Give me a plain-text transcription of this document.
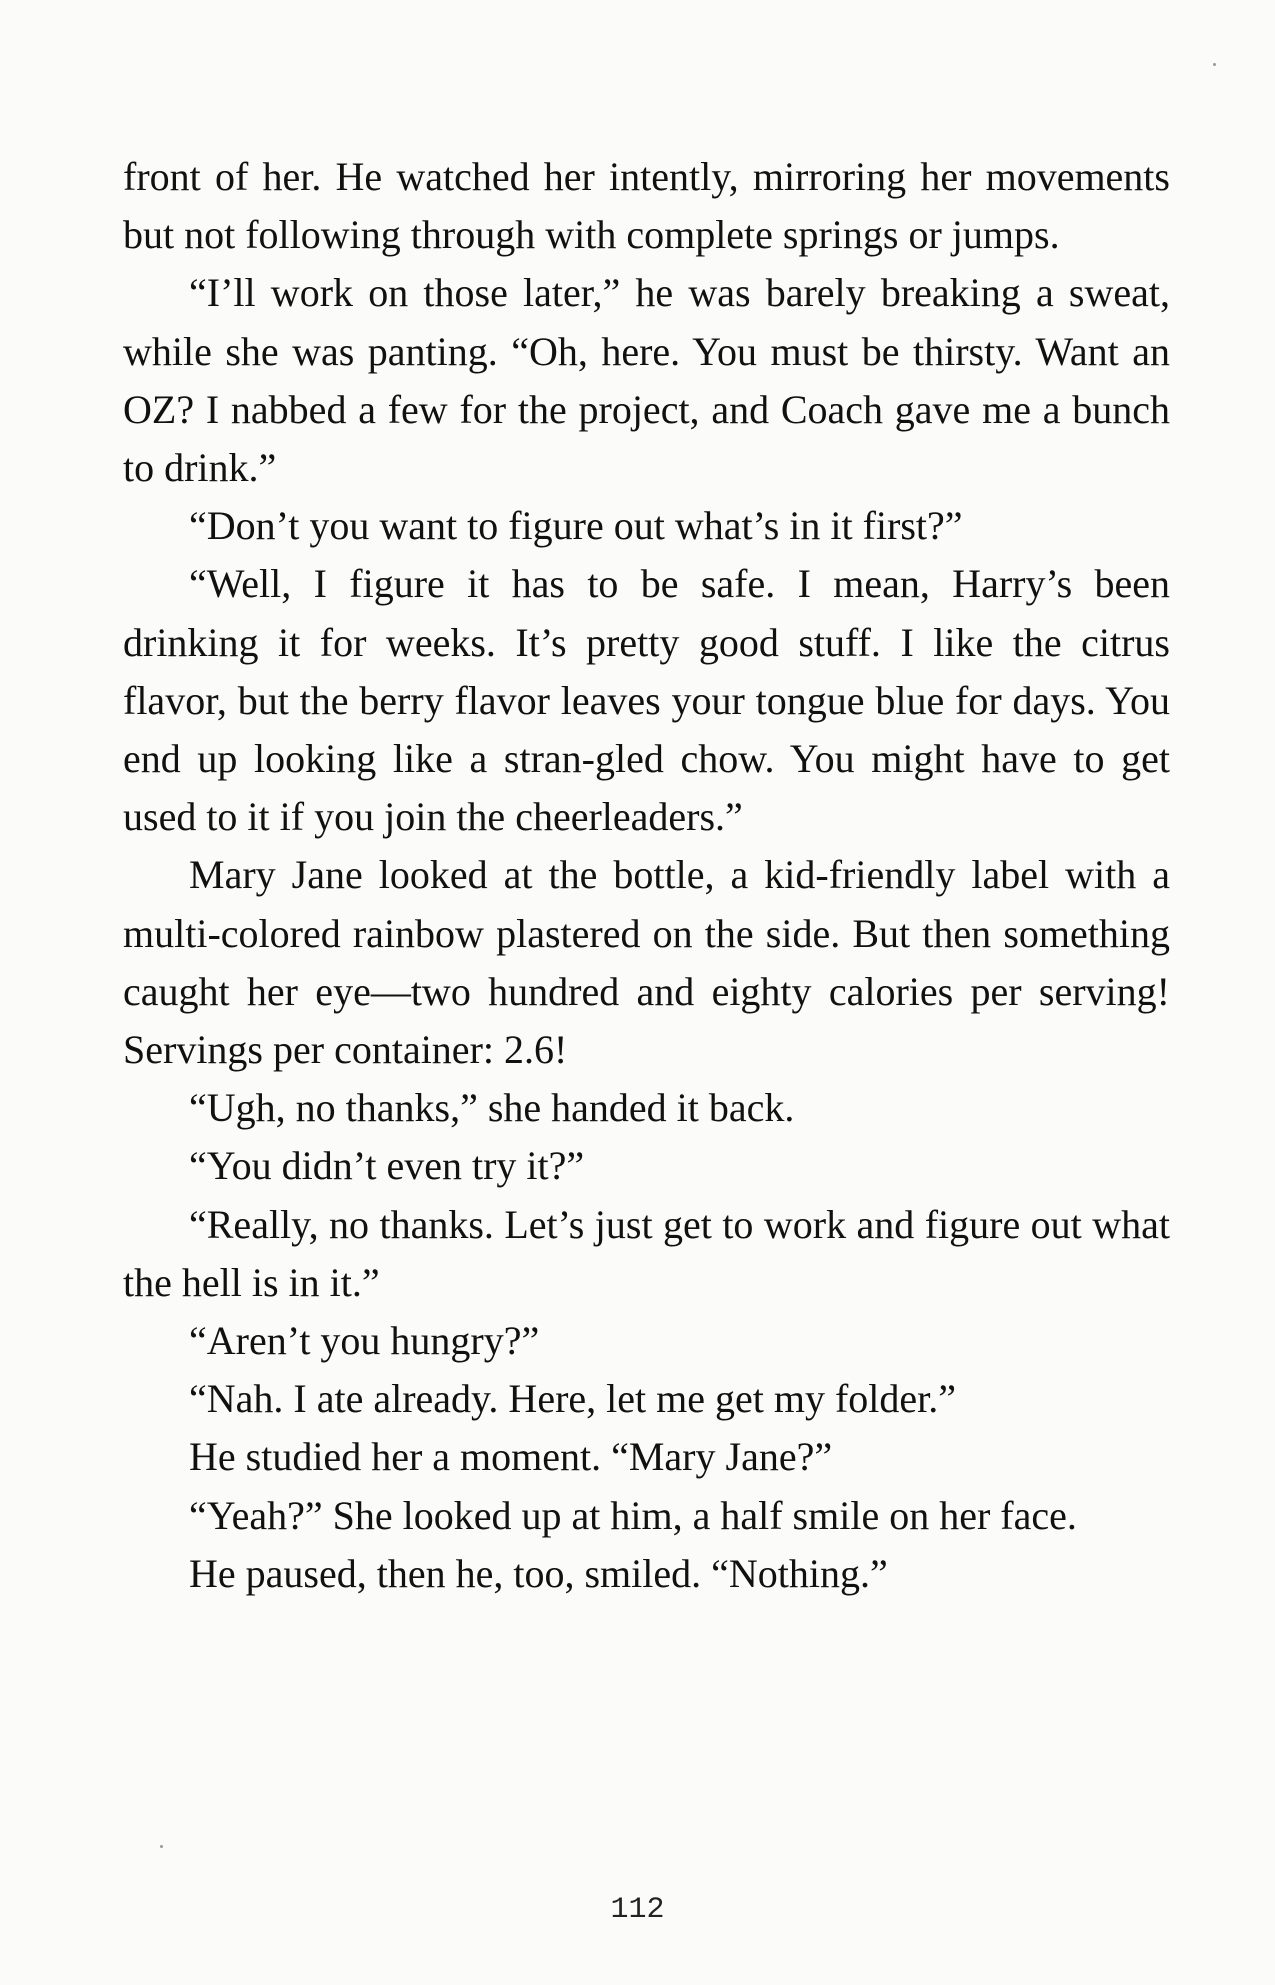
front of her. He watched her intently, mirroring her movements but not following through with complete springs or jumps.

“I’ll work on those later,” he was barely breaking a sweat, while she was panting. “Oh, here. You must be thirsty. Want an OZ? I nabbed a few for the project, and Coach gave me a bunch to drink.”

“Don’t you want to figure out what’s in it first?”

“Well, I figure it has to be safe. I mean, Harry’s been drinking it for weeks. It’s pretty good stuff. I like the citrus flavor, but the berry flavor leaves your tongue blue for days. You end up looking like a stran-gled chow. You might have to get used to it if you join the cheerleaders.”

Mary Jane looked at the bottle, a kid-friendly label with a multi-colored rainbow plastered on the side. But then something caught her eye—two hundred and eighty calories per serving! Servings per container: 2.6!

“Ugh, no thanks,” she handed it back.

“You didn’t even try it?”

“Really, no thanks. Let’s just get to work and figure out what the hell is in it.”

“Aren’t you hungry?”

“Nah. I ate already. Here, let me get my folder.”

He studied her a moment. “Mary Jane?”

“Yeah?” She looked up at him, a half smile on her face.

He paused, then he, too, smiled. “Nothing.”

112
